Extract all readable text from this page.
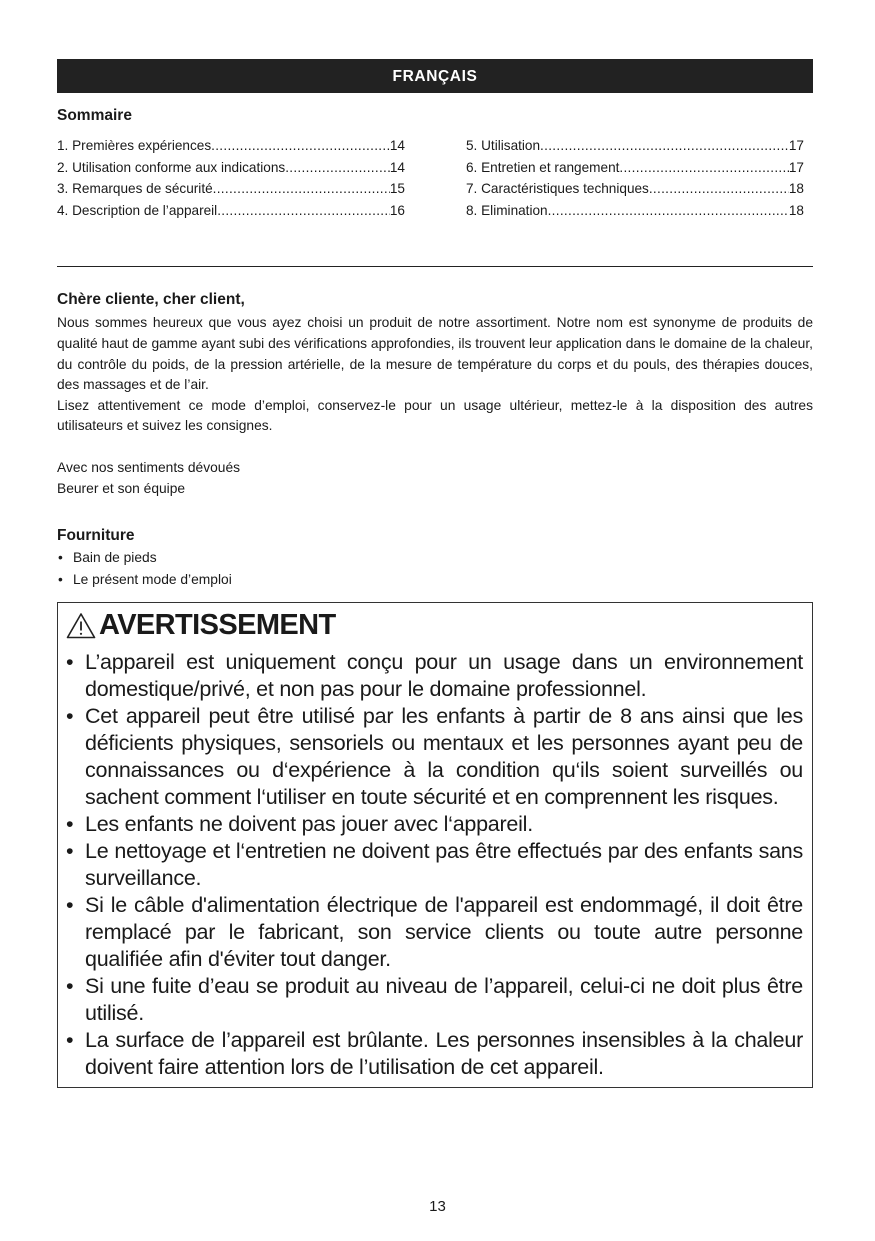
FRANÇAIS
Sommaire
1. Premières expériences .....	14
2. Utilisation conforme aux indications .....	14
3. Remarques de sécurité .....	15
4. Description de l’appareil .....	16
5. Utilisation .....	17
6. Entretien et rangement .....	17
7. Caractéristiques techniques .....	18
8. Elimination .....	18
Chère cliente, cher client,

Nous sommes heureux que vous ayez choisi un produit de notre assortiment. Notre nom est synonyme de produits de qualité haut de gamme ayant subi des vérifications approfondies, ils trouvent leur application dans le domaine de la chaleur, du contrôle du poids, de la pression artérielle, de la mesure de température du corps et du pouls, des thérapies douces, des massages et de l’air.

Lisez attentivement ce mode d’emploi, conservez-le pour un usage ultérieur, mettez-le à la disposition des autres utilisateurs et suivez les consignes.

Avec nos sentiments dévoués
Beurer et son équipe
Fourniture
• Bain de pieds
• Le présent mode d’emploi
AVERTISSEMENT
• L’appareil est uniquement conçu pour un usage dans un environnement domestique/privé, et non pas pour le domaine professionnel.
• Cet appareil peut être utilisé par les enfants à partir de 8 ans ainsi que les déficients physiques, sensoriels ou mentaux et les personnes ayant peu de connaissances ou d‘expérience à la condition qu‘ils soient surveillés ou sachent comment l‘utiliser en toute sécurité et en comprennent les risques.
• Les enfants ne doivent pas jouer avec l‘appareil.
• Le nettoyage et l‘entretien ne doivent pas être effectués par des enfants sans surveillance.
• Si le câble d'alimentation électrique de l'appareil est endommagé, il doit être remplacé par le fabricant, son service clients ou toute autre personne qualifiée afin d'éviter tout danger.
• Si une fuite d’eau se produit au niveau de l’appareil, celui-ci ne doit plus être utilisé.
• La surface de l’appareil est brûlante. Les personnes insensibles à la chaleur doivent faire attention lors de l’utilisation de cet appareil.
13
